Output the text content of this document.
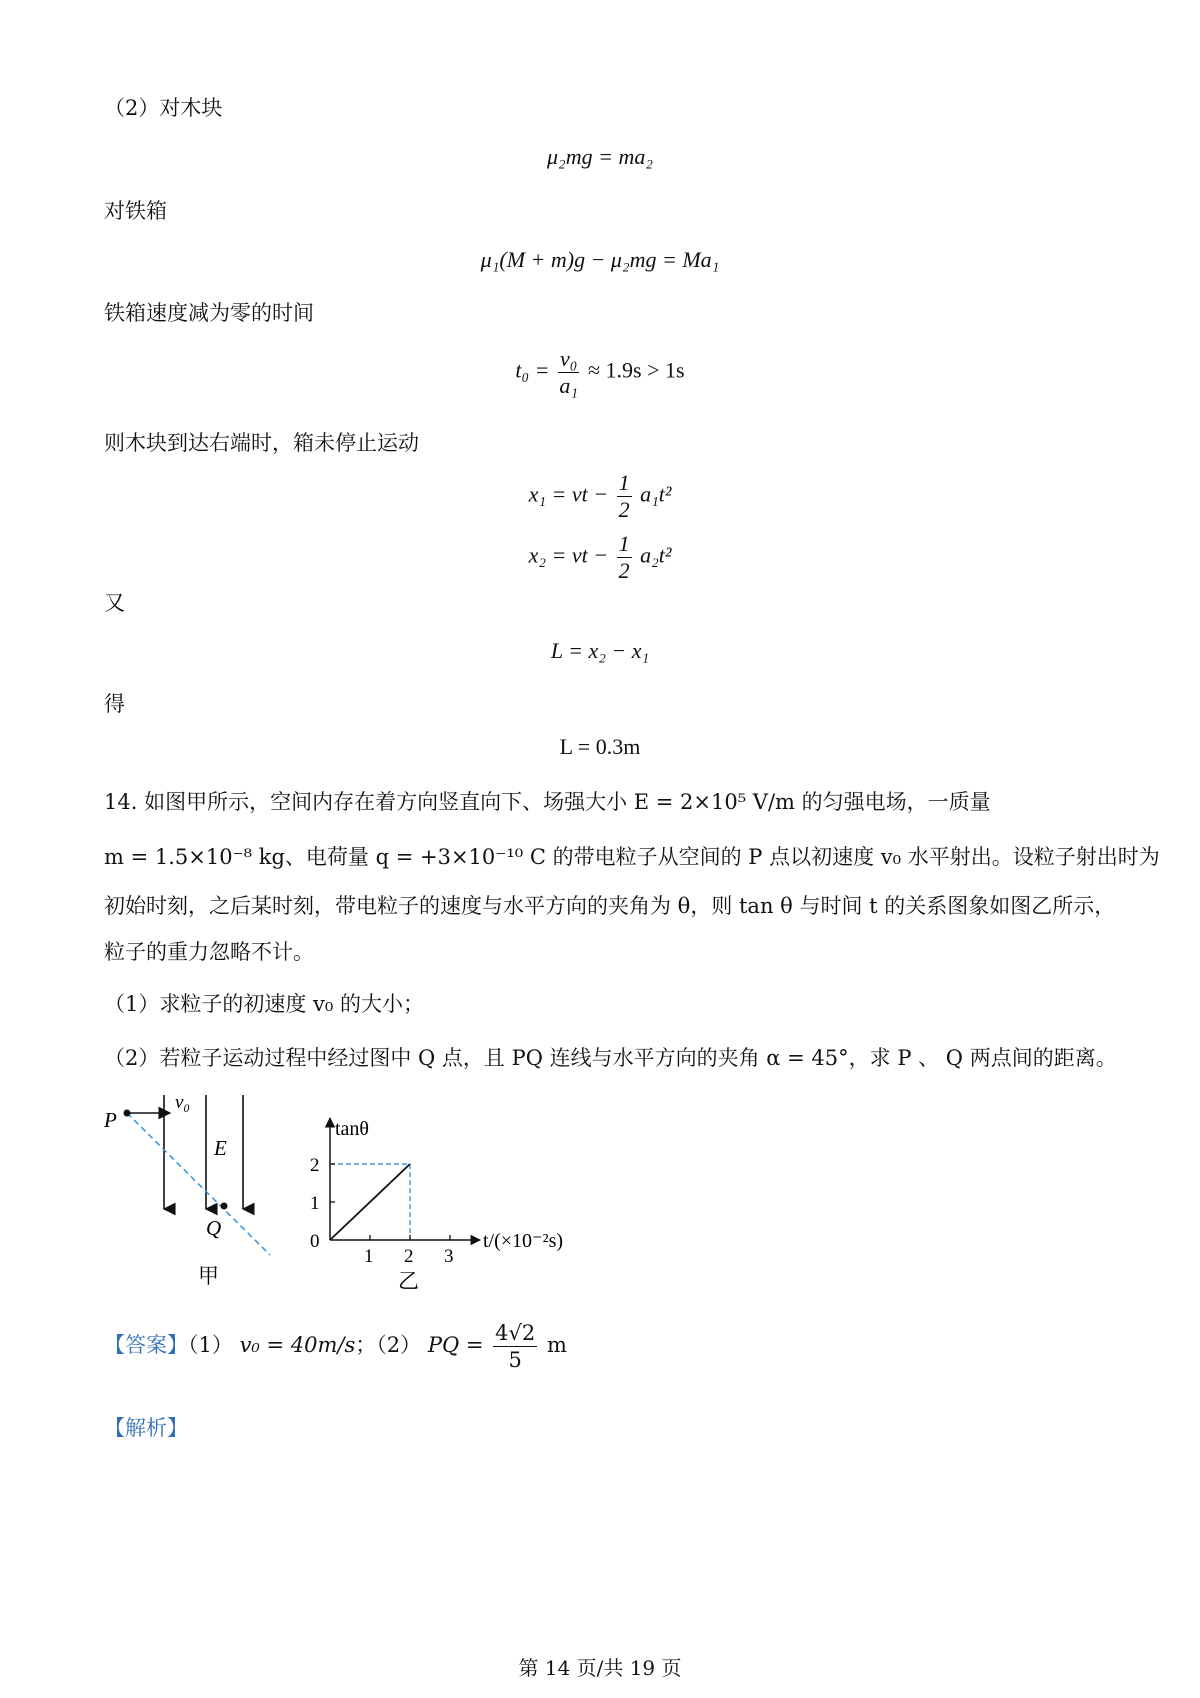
（2）对木块
μ₂mg = ma₂
对铁箱
μ₁(M + m)g − μ₂mg = Ma₁
铁箱速度减为零的时间
$t_0 = \frac{\text{v₀}}{\text{a₁}} \approx 1.9s > 1s$
则木块到达右端时，箱未停止运动
x₁ = vt − $\frac{1}{2} a_1t^2$
x₂ = vt − $\frac{1}{2} a_2t^2$
又
L = x₂ − x₁
得
L = 0.3m
14. 如图甲所示，空间内存在着方向竖直向下、场强大小 E = 2×10⁵ V/m 的匀强电场，一质量
m = 1.5×10⁻⁸ kg、电荷量 q = +3×10⁻¹⁰ C 的带电粒子从空间的 P 点以初速度 v₀ 水平射出。设粒子射出时为
初始时刻，之后某时刻，带电粒子的速度与水平方向的夹角为 θ，则 tan θ 与时间 t 的关系图象如图乙所示，
粒子的重力忽略不计。
（1）求粒子的初速度 v₀ 的大小；
（2）若粒子运动过程中经过图中 Q 点，且 PQ 连线与水平方向的夹角 α = 45°，求 P 、 Q 两点间的距离。
P
v₀
E
Q
甲
1 2 3
2
1
0
tanθ
t/(×10⁻²s)
乙
【答案】（1） v₀ = 40m/s；（2） PQ = $\frac{4√2}{5}$ m
【解析】
第 14 页/共 19 页
